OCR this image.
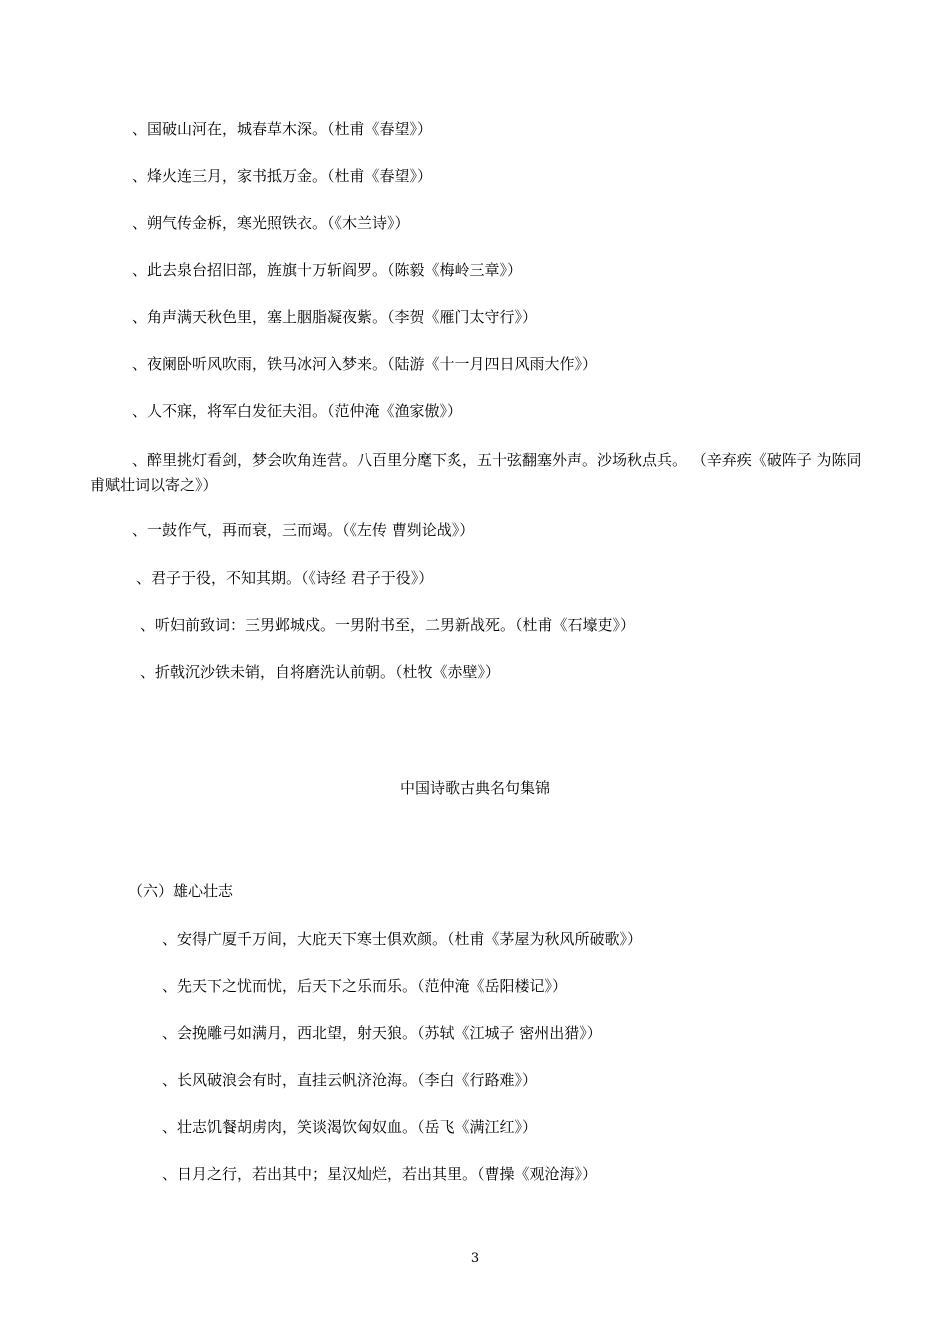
、国破山河在，城春草木深。（杜甫《春望》）

、烽火连三月，家书抵万金。（杜甫《春望》）

、朔气传金柝，寒光照铁衣。（《木兰诗》）

、此去泉台招旧部，旌旗十万斩阎罗。（陈毅《梅岭三章》）

、角声满天秋色里，塞上胭脂凝夜紫。（李贺《雁门太守行》）

、夜阑卧听风吹雨，铁马冰河入梦来。（陆游《十一月四日风雨大作》）

、人不寐，将军白发征夫泪。（范仲淹《渔家傲》）

、醉里挑灯看剑，梦会吹角连营。八百里分麾下炙，五十弦翻塞外声。沙场秋点兵。 （辛弃疾《破阵子 为陈同甫赋壮词以寄之》）

、一鼓作气，再而衰，三而竭。（《左传 曹刿论战》）

、君子于役，不知其期。（《诗经 君子于役》）

、听妇前致词：三男邺城戍。一男附书至，二男新战死。（杜甫《石壕吏》）

、折戟沉沙铁未销，自将磨洗认前朝。（杜牧《赤壁》）

中国诗歌古典名句集锦

（六）雄心壮志

、安得广厦千万间，大庇天下寒士俱欢颜。（杜甫《茅屋为秋风所破歌》）

、先天下之忧而忧，后天下之乐而乐。（范仲淹《岳阳楼记》）

、会挽雕弓如满月，西北望，射天狼。（苏轼《江城子 密州出猎》）

、长风破浪会有时，直挂云帆济沧海。（李白《行路难》）

、壮志饥餐胡虏肉，笑谈渴饮匈奴血。（岳飞《满江红》）

、日月之行，若出其中；星汉灿烂，若出其里。（曹操《观沧海》）

3
